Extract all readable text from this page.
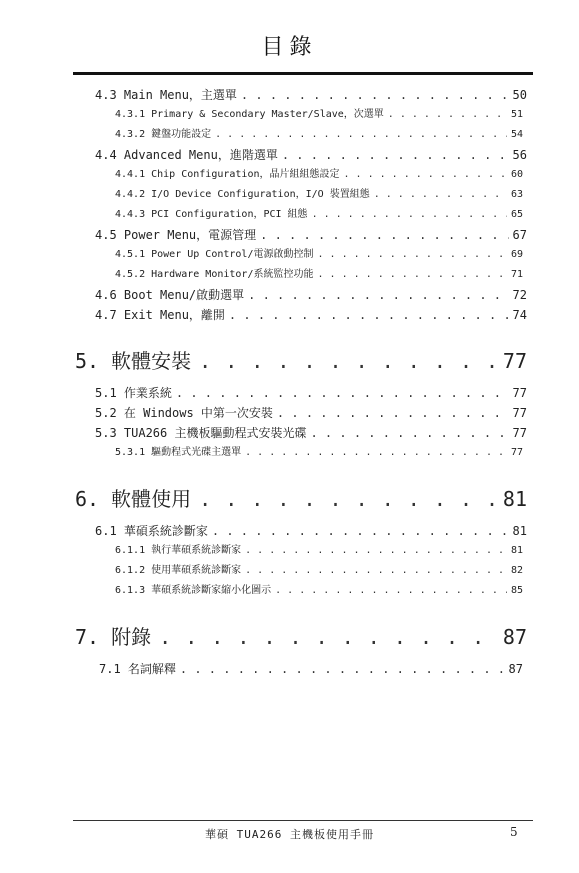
目錄
4.3 Main Menu，主選單 . . .	50
4.3.1 Primary & Secondary Master/Slave，次選單 . . .	51
4.3.2 鍵盤功能設定 . . .	54
4.4 Advanced Menu，進階選單 . . .	56
4.4.1 Chip Configuration，晶片組組態設定 . . .	60
4.4.2 I/O Device Configuration，I/O 裝置組態 . . .	63
4.4.3 PCI Configuration，PCI 組態 . . .	65
4.5 Power Menu，電源管理 . . .	67
4.5.1 Power Up Control/電源啟動控制 . . .	69
4.5.2 Hardware Monitor/系統監控功能 . . .	71
4.6 Boot Menu/啟動選單 . . .	72
4.7 Exit Menu，離開 . . .	74
5. 軟體安裝 . . .	77
5.1 作業系統 . . .	77
5.2 在 Windows 中第一次安裝 . . .	77
5.3 TUA266 主機板驅動程式安裝光碟 . . .	77
5.3.1 驅動程式光碟主選單 . . .	77
6. 軟體使用 . . .	81
6.1 華碩系統診斷家 . . .	81
6.1.1 執行華碩系統診斷家 . . .	81
6.1.2 使用華碩系統診斷家 . . .	82
6.1.3 華碩系統診斷家縮小化圖示 . . .	85
7. 附錄 . . .	87
7.1 名詞解釋 . . .	87
華碩 TUA266 主機板使用手冊	5
